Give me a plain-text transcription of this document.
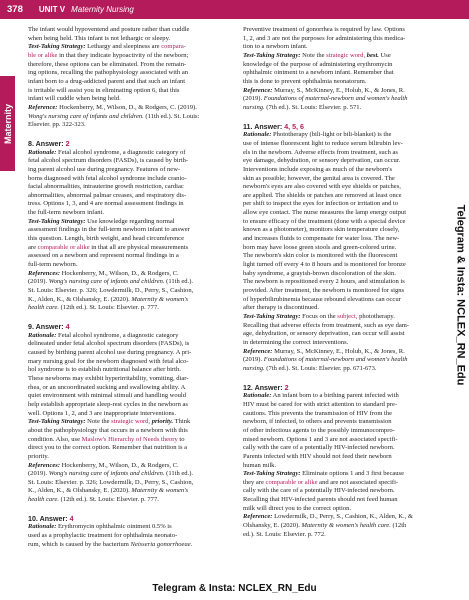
378 UNIT V Maternity Nursing
Maternity
Telegram & Insta: NCLEX_RN_Edu

The infant would hypoventend and posture rather than cuddle

when being held. This infant is not lethargic or sleepy.

Test-Taking Strategy: Lethargy and sleepiness are compara-

ble or alike in that they indicate hypoactivity of the newborn;

therefore, these options can be eliminated. From the remain-

ing options, recalling the pathophysiology associated with an

infant born to a drug-addicted parent and that such an infant

is irritable will assist you in eliminating option 6, that this

infant will cuddle when being held.

Reference: Hockenberry, M., Wilson, D., & Rodgers, C. (2019).

Wong's nursing care of infants and children. (11th ed.). St. Louis:

Elsevier. pp. 322-323.

8. Answer: 2

Rationale: Fetal alcohol syndrome, a diagnostic category of

fetal alcohol spectrum disorders (FASDs), is caused by birth-

ing parent alcohol use during pregnancy. Features of new-

borns diagnosed with fetal alcohol syndrome include cranio-

facial abnormalities, intrauterine growth restriction, cardiac

abnormalities, abnormal palmar creases, and respiratory dis-

tress. Options 1, 3, and 4 are normal assessment findings in

the full-term newborn infant.

Test-Taking Strategy: Use knowledge regarding normal

assessment findings in the full-term newborn infant to answer

this question. Length, birth weight, and head circumference

are comparable or alike in that all are physical measurements

assessed on a newborn and represent normal findings in a

full-term newborn.

References: Hockenberry, M., Wilson, D., & Rodgers, C.

(2019). Wong's nursing care of infants and children. (11th ed.).

St. Louis: Elsevier. p. 326; Lowdermilk, D., Perry, S., Cashion,

K., Alden, K., & Olshansky, E. (2020). Maternity & women's

health care. (12th ed.). St. Louis: Elsevier. p. 777.

9. Answer: 4

Rationale: Fetal alcohol syndrome, a diagnostic category

delineated under fetal alcohol spectrum disorders (FASDs), is

caused by birthing parent alcohol use during pregnancy. A pri-

mary nursing goal for the newborn diagnosed with fetal alco-

hol syndrome is to establish nutritional balance after birth.

These newborns may exhibit hyperirritability, vomiting, diar-

rhea, or an uncoordinated sucking and swallowing ability. A

quiet environment with minimal stimuli and handling would

help establish appropriate sleep-rest cycles in the newborn as

well. Options 1, 2, and 3 are inappropriate interventions.

Test-Taking Strategy: Note the strategic word, priority. Think

about the pathophysiology that occurs in a newborn with this

condition. Also, use Maslow's Hierarchy of Needs theory to

direct you to the correct option. Remember that nutrition is a

priority.

References: Hockenberry, M., Wilson, D., & Rodgers, C.

(2019). Wong's nursing care of infants and children. (11th ed.).

St. Louis: Elsevier. p. 326; Lowdermilk, D., Perry, S., Cashion,

K., Alden, K., & Olshansky, E. (2020). Maternity & women's

health care. (12th ed.). St. Louis: Elsevier. p. 777.

10. Answer: 4

Rationale: Erythromycin ophthalmic ointment 0.5% is

used as a prophylactic treatment for ophthalmia neonato-

rum, which is caused by the bacterium Neisseria gonorrhoeae.

Preventive treatment of gonorrhea is required by law. Options

1, 2, and 3 are not the purposes for administering this medica-

tion to a newborn infant.

Test-Taking Strategy: Note the strategic word, best. Use

knowledge of the purpose of administering erythromycin

ophthalmic ointment to a newborn infant. Remember that

this is done to prevent ophthalmia neonatorum.

Reference: Murray, S., McKinney, E., Holub, K., & Jones, R.

(2019). Foundations of maternal-newborn and women's health

nursing. (7th ed.). St. Louis: Elsevier. p. 571.

11. Answer: 4, 5, 6

Rationale: Phototherapy (bili-light or bili-blanket) is the

use of intense fluorescent light to reduce serum bilirubin lev-

els in the newborn. Adverse effects from treatment, such as

eye damage, dehydration, or sensory deprivation, can occur.

Interventions include exposing as much of the newborn's

skin as possible; however, the genital area is covered. The

newborn's eyes are also covered with eye shields or patches,

are applied. The shields or patches are removed at least once

per shift to inspect the eyes for infection or irritation and to

allow eye contact. The nurse measures the lamp energy output

to ensure efficacy of the treatment (done with a special device

known as a photometer), monitors skin temperature closely,

and increases fluids to compensate for water loss. The new-

born may have loose green stools and green-colored urine.

The newborn's skin color is monitored with the fluorescent

light turned off every 4 to 8 hours and is monitored for bronze

baby syndrome, a grayish-brown discoloration of the skin.

The newborn is repositioned every 2 hours, and stimulation is

provided. After treatment, the newborn is monitored for signs

of hyperbilirubinemia because rebound elevations can occur

after therapy is discontinued.

Test-Taking Strategy: Focus on the subject, phototherapy.

Recalling that adverse effects from treatment, such as eye dam-

age, dehydration, or sensory deprivation, can occur will assist

in determining the correct interventions.

Reference: Murray, S., McKinney, E., Holub, K., & Jones, R.

(2019). Foundations of maternal-newborn and women's health

nursing. (7th ed.). St. Louis: Elsevier. pp. 671-673.

12. Answer: 2

Rationale: An infant born to a birthing parent infected with

HIV must be cared for with strict attention to standard pre-

cautions. This prevents the transmission of HIV from the

newborn, if infected, to others and prevents transmission

of other infectious agents to the possibly immunocompro-

mised newborn. Options 1 and 3 are not associated specifi-

cally with the care of a potentially HIV-infected newborn.

Parents infected with HIV should not feed their newborn

human milk.

Test-Taking Strategy: Eliminate options 1 and 3 first because

they are comparable or alike and are not associated specifi-

cally with the care of a potentially HIV-infected newborn.

Recalling that HIV-infected parents should not feed human

milk will direct you to the correct option.

Reference: Lowdermilk, D., Perry, S., Cashion, K., Alden, K., &

Olshansky, E. (2020). Maternity & women's health care. (12th

ed.). St. Louis: Elsevier. p. 772.

Telegram & Insta: NCLEX_RN_Edu
